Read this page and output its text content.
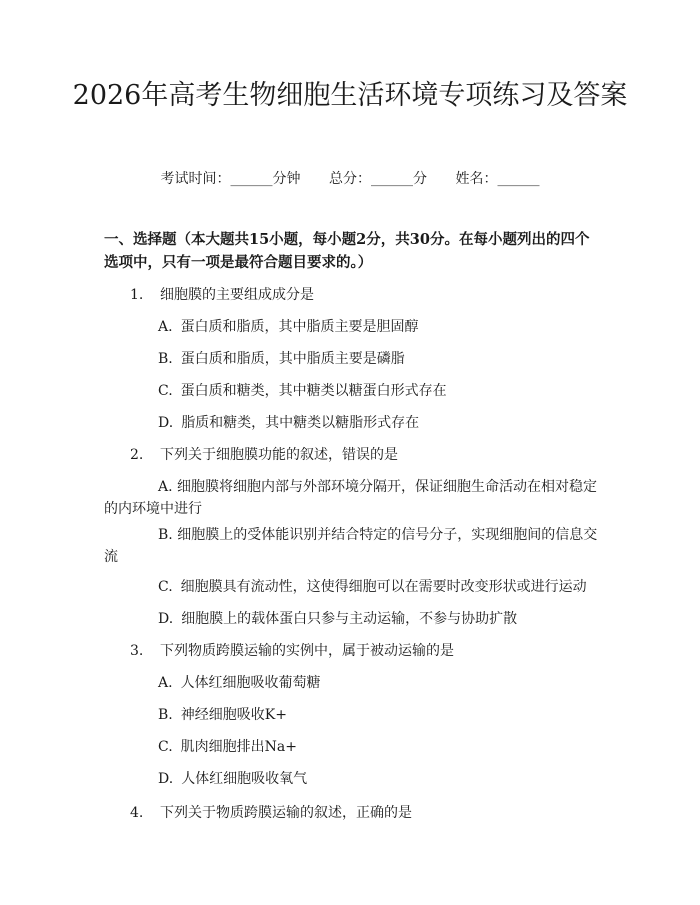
2026年高考生物细胞生活环境专项练习及答案
考试时间：______分钟 总分：______分 姓名：______
一、选择题（本大题共15小题，每小题2分，共30分。在每小题列出的四个选项中，只有一项是最符合题目要求的。）
1.	细胞膜的主要组成成分是
A. 蛋白质和脂质，其中脂质主要是胆固醇
B. 蛋白质和脂质，其中脂质主要是磷脂
C. 蛋白质和糖类，其中糖类以糖蛋白形式存在
D. 脂质和糖类，其中糖类以糖脂形式存在
2.	下列关于细胞膜功能的叙述，错误的是
A. 细胞膜将细胞内部与外部环境分隔开，保证细胞生命活动在相对稳定的内环境中进行
B. 细胞膜上的受体能识别并结合特定的信号分子，实现细胞间的信息交流
C. 细胞膜具有流动性，这使得细胞可以在需要时改变形状或进行运动
D. 细胞膜上的载体蛋白只参与主动运输，不参与协助扩散
3.	下列物质跨膜运输的实例中，属于被动运输的是
A. 人体红细胞吸收葡萄糖
B. 神经细胞吸收K+
C. 肌肉细胞排出Na+
D. 人体红细胞吸收氧气
4.	下列关于物质跨膜运输的叙述，正确的是
